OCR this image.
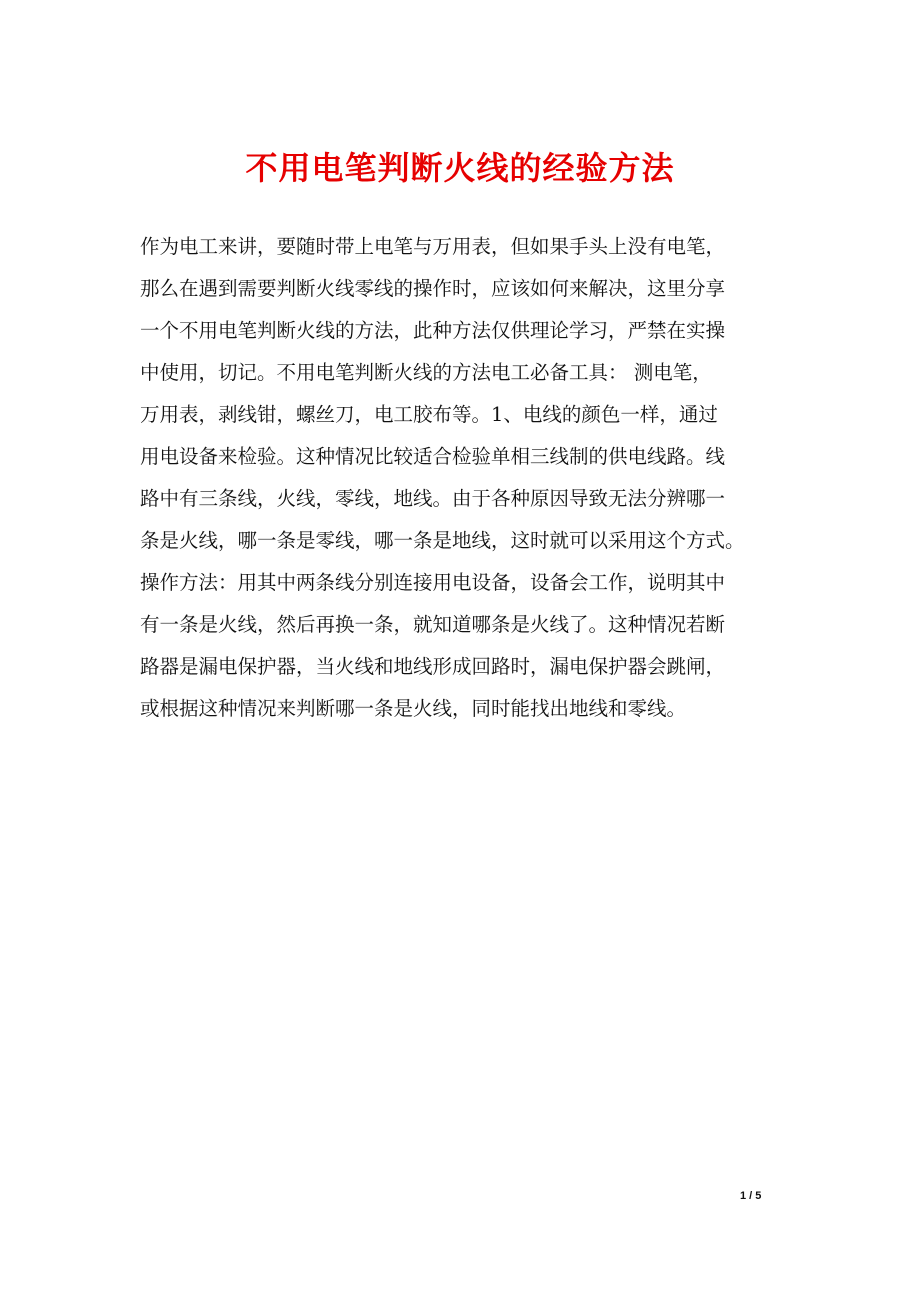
不用电笔判断火线的经验方法
作为电工来讲，要随时带上电笔与万用表，但如果手头上没有电笔，
那么在遇到需要判断火线零线的操作时，应该如何来解决，这里分享
一个不用电笔判断火线的方法，此种方法仅供理论学习，严禁在实操
中使用，切记。不用电笔判断火线的方法电工必备工具： 测电笔，
万用表，剥线钳，螺丝刀，电工胶布等。1、电线的颜色一样，通过
用电设备来检验。这种情况比较适合检验单相三线制的供电线路。线
路中有三条线，火线，零线，地线。由于各种原因导致无法分辨哪一
条是火线，哪一条是零线，哪一条是地线，这时就可以采用这个方式。
操作方法：用其中两条线分别连接用电设备，设备会工作，说明其中
有一条是火线，然后再换一条，就知道哪条是火线了。这种情况若断
路器是漏电保护器，当火线和地线形成回路时，漏电保护器会跳闸，
或根据这种情况来判断哪一条是火线，同时能找出地线和零线。
1 / 5
